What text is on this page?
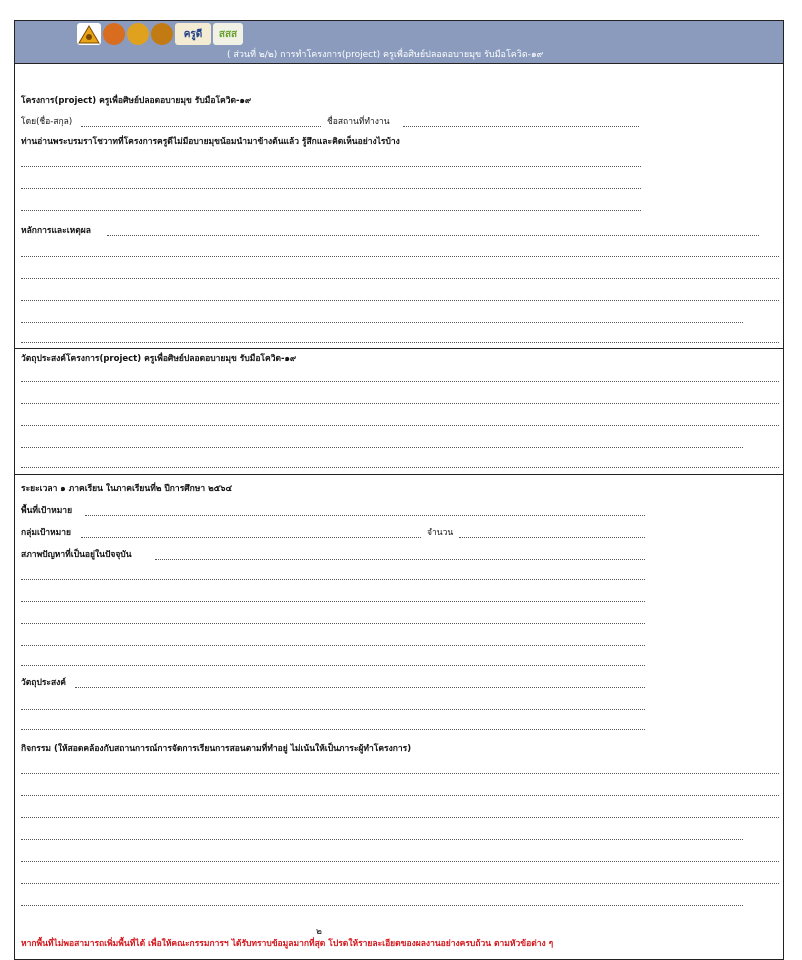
ครูดี	สสส
( ส่วนที่ ๒/๒) การทำโครงการ(project) ครูเพื่อศิษย์ปลอดอบายมุข รับมือโควิด-๑๙
โครงการ(project) ครูเพื่อศิษย์ปลอดอบายมุข รับมือโควิด-๑๙
โดย(ชื่อ-สกุล)	ชื่อสถานที่ทำงาน
ท่านอ่านพระบรมราโชวาทที่โครงการครูดีไม่มีอบายมุขน้อมนำมาข้างต้นแล้ว รู้สึกและคิดเห็นอย่างไรบ้าง
หลักการและเหตุผล
วัตถุประสงค์โครงการ(project) ครูเพื่อศิษย์ปลอดอบายมุข รับมือโควิด-๑๙
ระยะเวลา ๑ ภาคเรียน ในภาคเรียนที่๒ ปีการศึกษา ๒๕๖๔
พื้นที่เป้าหมาย
กลุ่มเป้าหมาย	จำนวน
สภาพปัญหาที่เป็นอยู่ในปัจจุบัน
วัตถุประสงค์
กิจกรรม (ให้สอดคล้องกับสถานการณ์การจัดการเรียนการสอนตามที่ทำอยู่ ไม่เน้นให้เป็นภาระผู้ทำโครงการ)
หากพื้นที่ไม่พอสามารถเพิ่มพื้นที่ได้ เพื่อให้คณะกรรมการฯ ได้รับทราบข้อมูลมากที่สุด โปรดให้รายละเอียดของผลงานอย่างครบถ้วน ตามหัวข้อต่าง ๆ
๒
